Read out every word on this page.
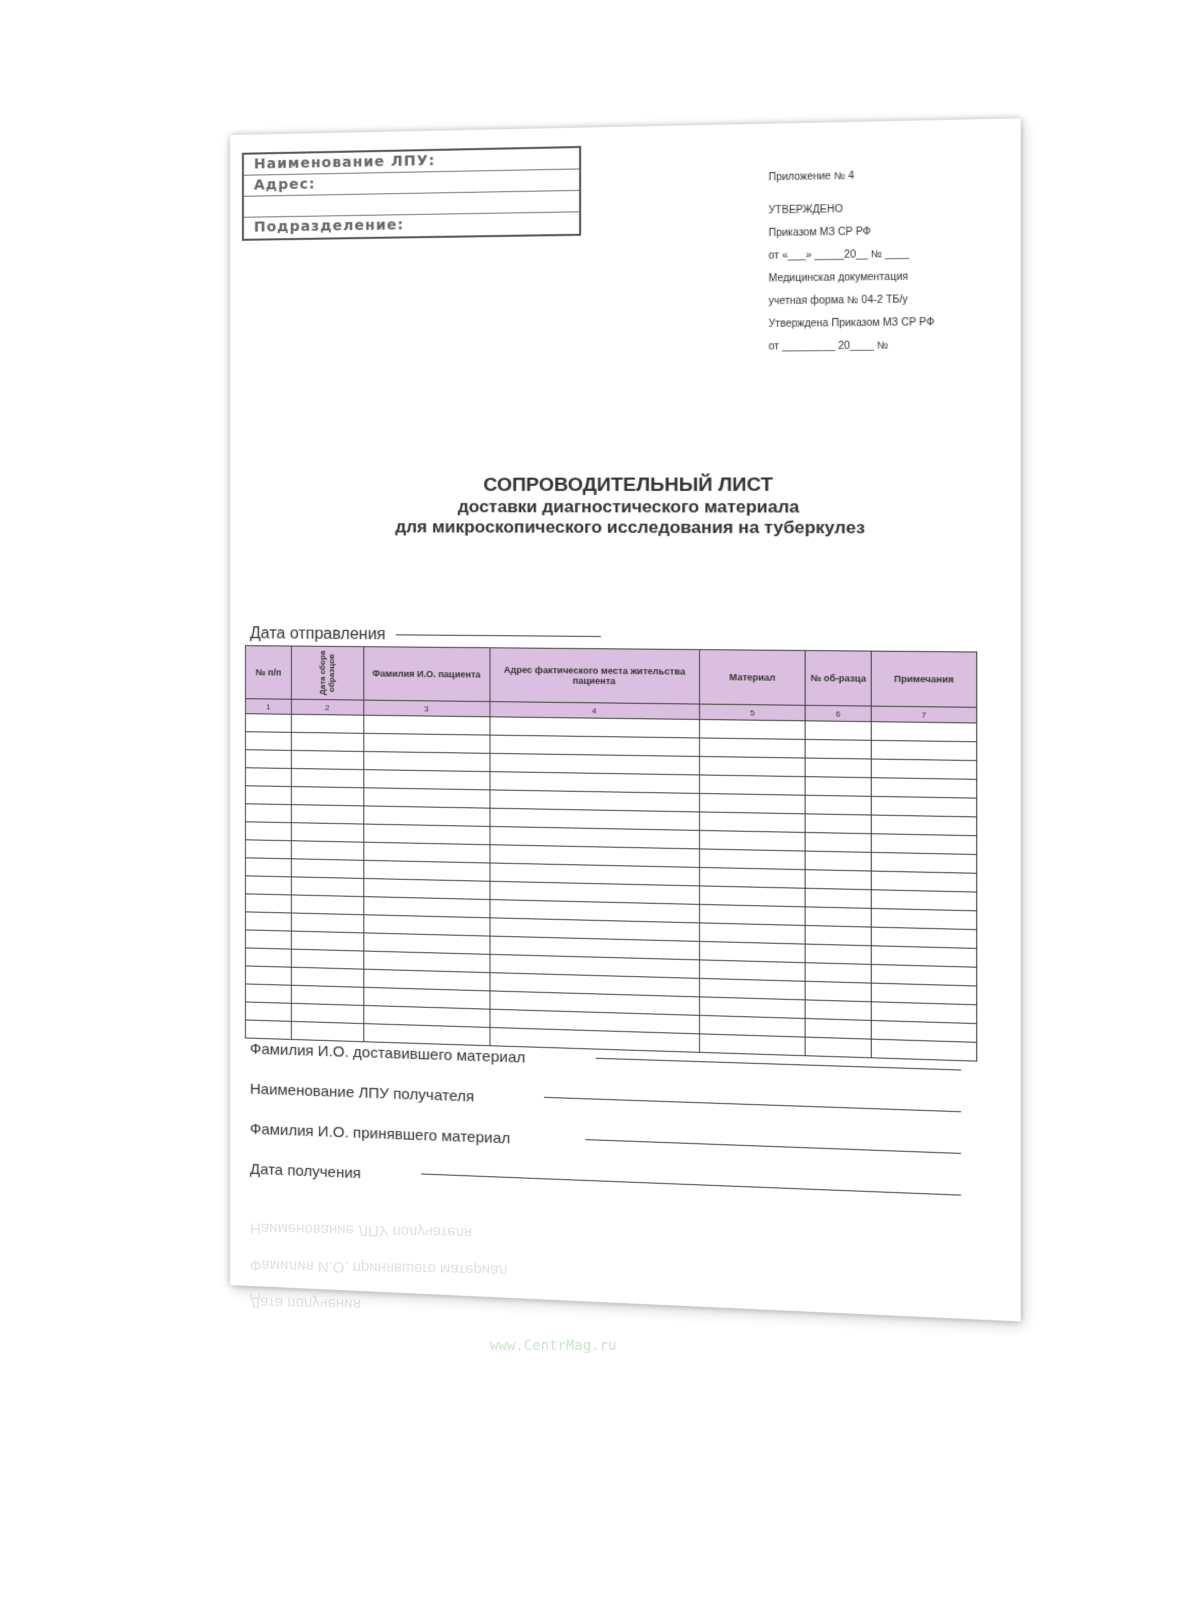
Наименование ЛПУ:
Адрес:
Подразделение:
Приложение № 4
УТВЕРЖДЕНО
Приказом МЗ СР РФ
от «___» _____20__ № ____
Медицинская документация
учетная форма № 04-2 ТБ/у
Утверждена Приказом МЗ СР РФ
от _________ 20____ №
СОПРОВОДИТЕЛЬНЫЙ ЛИСТ
доставки диагностического материала
для микроскопического исследования на туберкулез
Дата отправления
№ п/п	Дата сбора образцов	Фамилия И.О. пациента	Адрес фактического места жительства пациента	Материал	№ об-разца	Примечания
1	2	3	4	5	6	7

Фамилия И.О. доставившего материал
Наименование ЛПУ получателя
Фамилия И.О. принявшего материал
Дата получения
Дата получения
Фамилия И.О. принявшего материал
Наименование ЛПУ получателя
www.CentrMag.ru
